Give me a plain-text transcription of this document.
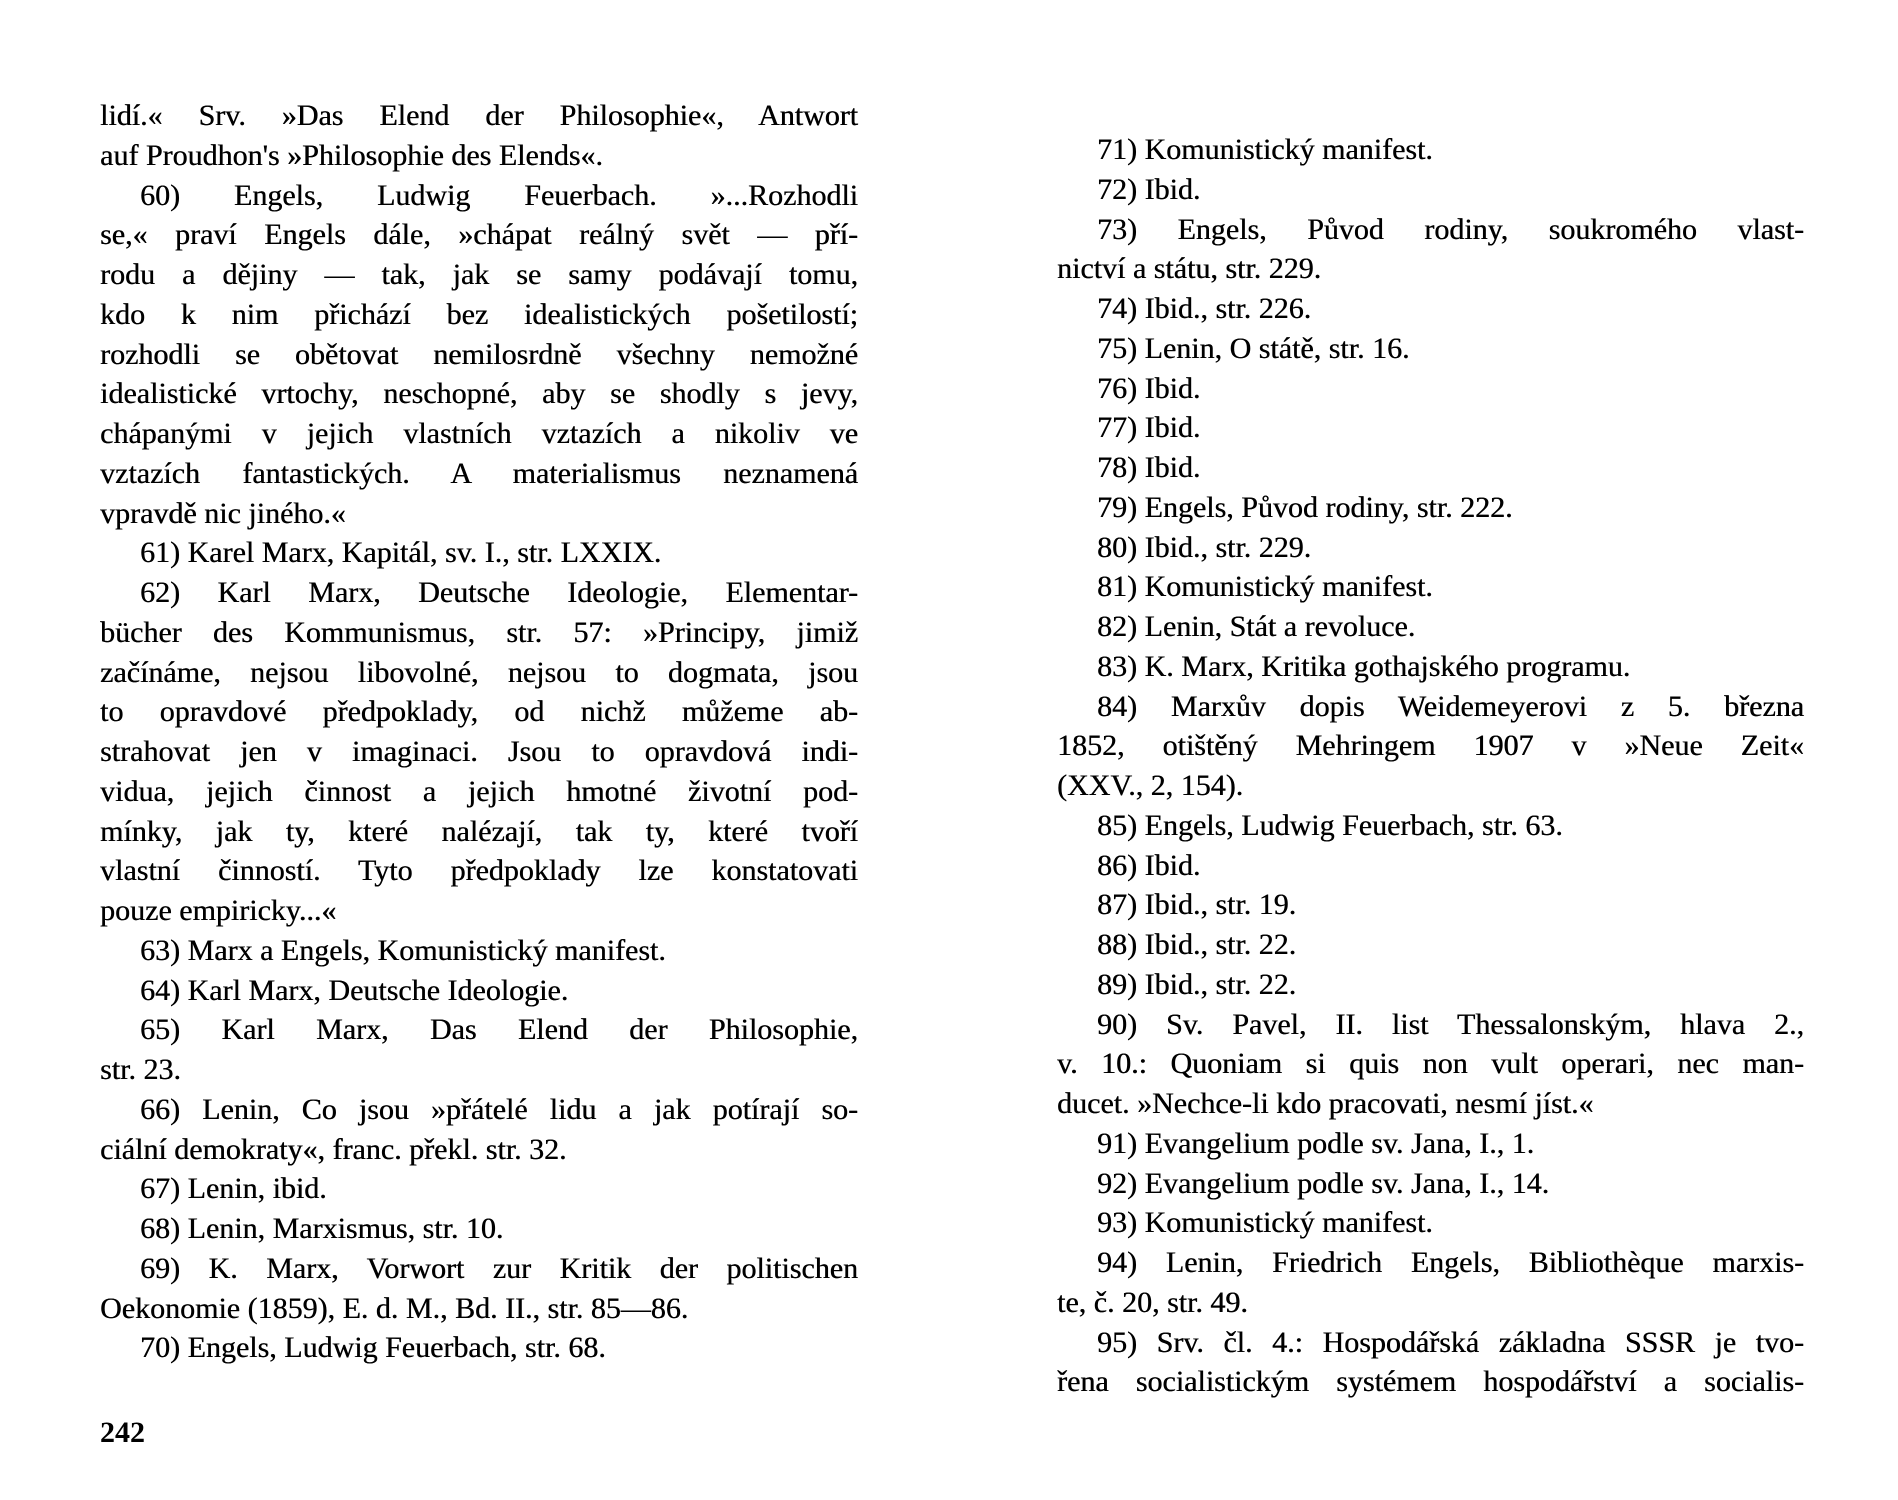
lidí.« Srv. »Das Elend der Philosophie«, Antwort
auf Proudhon's »Philosophie des Elends«.
60) Engels, Ludwig Feuerbach. »...Rozhodli
se,« praví Engels dále, »chápat reálný svět — pří-
rodu a dějiny — tak, jak se samy podávají tomu,
kdo k nim přichází bez idealistických pošetilostí;
rozhodli se obětovat nemilosrdně všechny nemožné
idealistické vrtochy, neschopné, aby se shodly s jevy,
chápanými v jejich vlastních vztazích a nikoliv ve
vztazích fantastických. A materialismus neznamená
vpravdě nic jiného.«
61) Karel Marx, Kapitál, sv. I., str. LXXIX.
62) Karl Marx, Deutsche Ideologie, Elementar-
bücher des Kommunismus, str. 57: »Principy, jimiž
začínáme, nejsou libovolné, nejsou to dogmata, jsou
to opravdové předpoklady, od nichž můžeme ab-
strahovat jen v imaginaci. Jsou to opravdová indi-
vidua, jejich činnost a jejich hmotné životní pod-
mínky, jak ty, které nalézají, tak ty, které tvoří
vlastní činností. Tyto předpoklady lze konstatovati
pouze empiricky...«
63) Marx a Engels, Komunistický manifest.
64) Karl Marx, Deutsche Ideologie.
65) Karl Marx, Das Elend der Philosophie,
str. 23.
66) Lenin, Co jsou »přátelé lidu a jak potírají so-
ciální demokraty«, franc. překl. str. 32.
67) Lenin, ibid.
68) Lenin, Marxismus, str. 10.
69) K. Marx, Vorwort zur Kritik der politischen
Oekonomie (1859), E. d. M., Bd. II., str. 85—86.
70) Engels, Ludwig Feuerbach, str. 68.
71) Komunistický manifest.
72) Ibid.
73) Engels, Původ rodiny, soukromého vlast-
nictví a státu, str. 229.
74) Ibid., str. 226.
75) Lenin, O státě, str. 16.
76) Ibid.
77) Ibid.
78) Ibid.
79) Engels, Původ rodiny, str. 222.
80) Ibid., str. 229.
81) Komunistický manifest.
82) Lenin, Stát a revoluce.
83) K. Marx, Kritika gothajského programu.
84) Marxův dopis Weidemeyerovi z 5. března
1852, otištěný Mehringem 1907 v »Neue Zeit«
(XXV., 2, 154).
85) Engels, Ludwig Feuerbach, str. 63.
86) Ibid.
87) Ibid., str. 19.
88) Ibid., str. 22.
89) Ibid., str. 22.
90) Sv. Pavel, II. list Thessalonským, hlava 2.,
v. 10.: Quoniam si quis non vult operari, nec man-
ducet. »Nechce-li kdo pracovati, nesmí jíst.«
91) Evangelium podle sv. Jana, I., 1.
92) Evangelium podle sv. Jana, I., 14.
93) Komunistický manifest.
94) Lenin, Friedrich Engels, Bibliothèque marxis-
te, č. 20, str. 49.
95) Srv. čl. 4.: Hospodářská základna SSSR je tvo-
řena socialistickým systémem hospodářství a socialis-
242
